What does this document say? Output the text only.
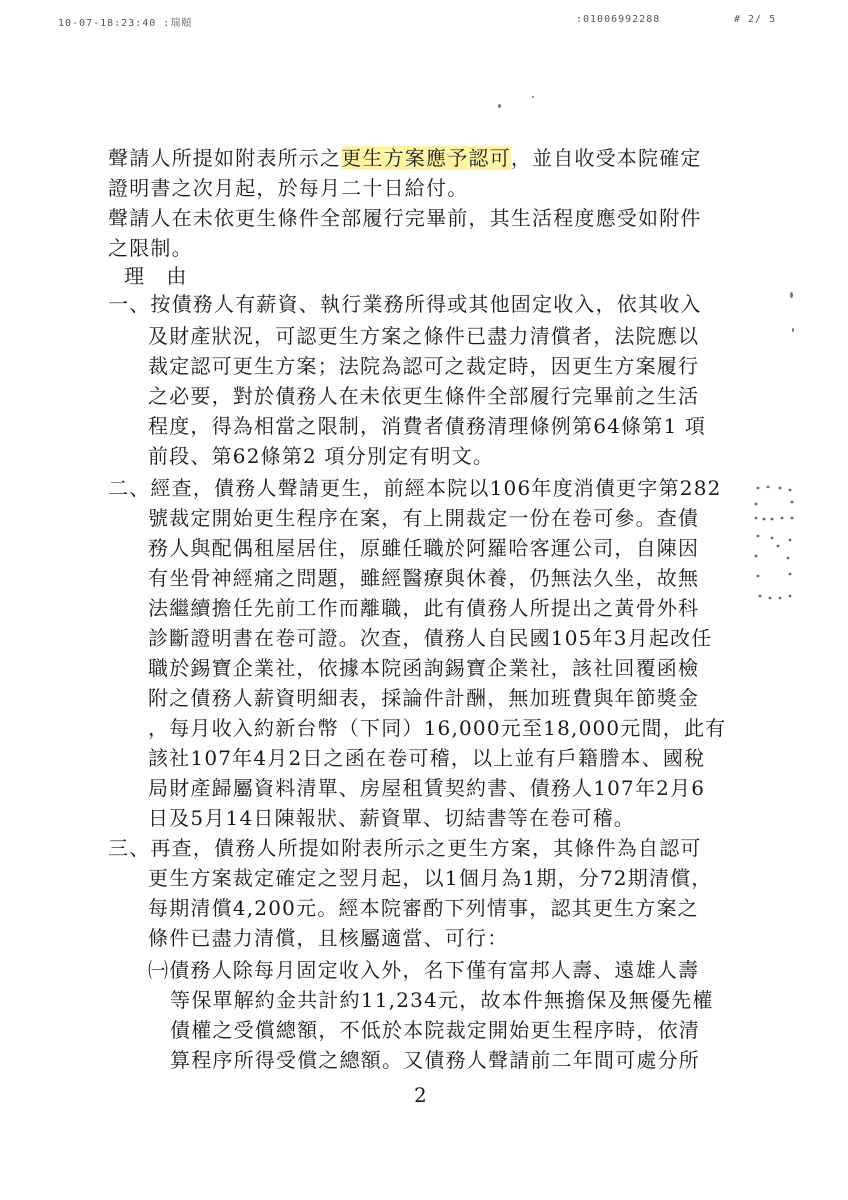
10-07-18:23:40 :瑞頤	:01006992288	# 2/ 5
聲請人所提如附表所示之更生方案應予認可，並自收受本院確定
證明書之次月起，於每月二十日給付。
聲請人在未依更生條件全部履行完畢前，其生活程度應受如附件
之限制。
理　由
一、按債務人有薪資、執行業務所得或其他固定收入，依其收入
及財產狀況，可認更生方案之條件已盡力清償者，法院應以
裁定認可更生方案；法院為認可之裁定時，因更生方案履行
之必要，對於債務人在未依更生條件全部履行完畢前之生活
程度，得為相當之限制，消費者債務清理條例第64條第1 項
前段、第62條第2 項分別定有明文。
二、經查，債務人聲請更生，前經本院以106年度消債更字第282
號裁定開始更生程序在案，有上開裁定一份在卷可參。查債
務人與配偶租屋居住，原雖任職於阿羅哈客運公司，自陳因
有坐骨神經痛之問題，雖經醫療與休養，仍無法久坐，故無
法繼續擔任先前工作而離職，此有債務人所提出之黃骨外科
診斷證明書在卷可證。次查，債務人自民國105年3月起改任
職於錫寶企業社，依據本院函詢錫寶企業社，該社回覆函檢
附之債務人薪資明細表，採論件計酬，無加班費與年節獎金
，每月收入約新台幣（下同）16,000元至18,000元間，此有
該社107年4月2日之函在卷可稽，以上並有戶籍謄本、國稅
局財產歸屬資料清單、房屋租賃契約書、債務人107年2月6
日及5月14日陳報狀、薪資單、切結書等在卷可稽。
三、再查，債務人所提如附表所示之更生方案，其條件為自認可
更生方案裁定確定之翌月起，以1個月為1期，分72期清償，
每期清償4,200元。經本院審酌下列情事，認其更生方案之
條件已盡力清償，且核屬適當、可行：
㈠債務人除每月固定收入外，名下僅有富邦人壽、遠雄人壽
等保單解約金共計約11,234元，故本件無擔保及無優先權
債權之受償總額，不低於本院裁定開始更生程序時，依清
算程序所得受償之總額。又債務人聲請前二年間可處分所
2
